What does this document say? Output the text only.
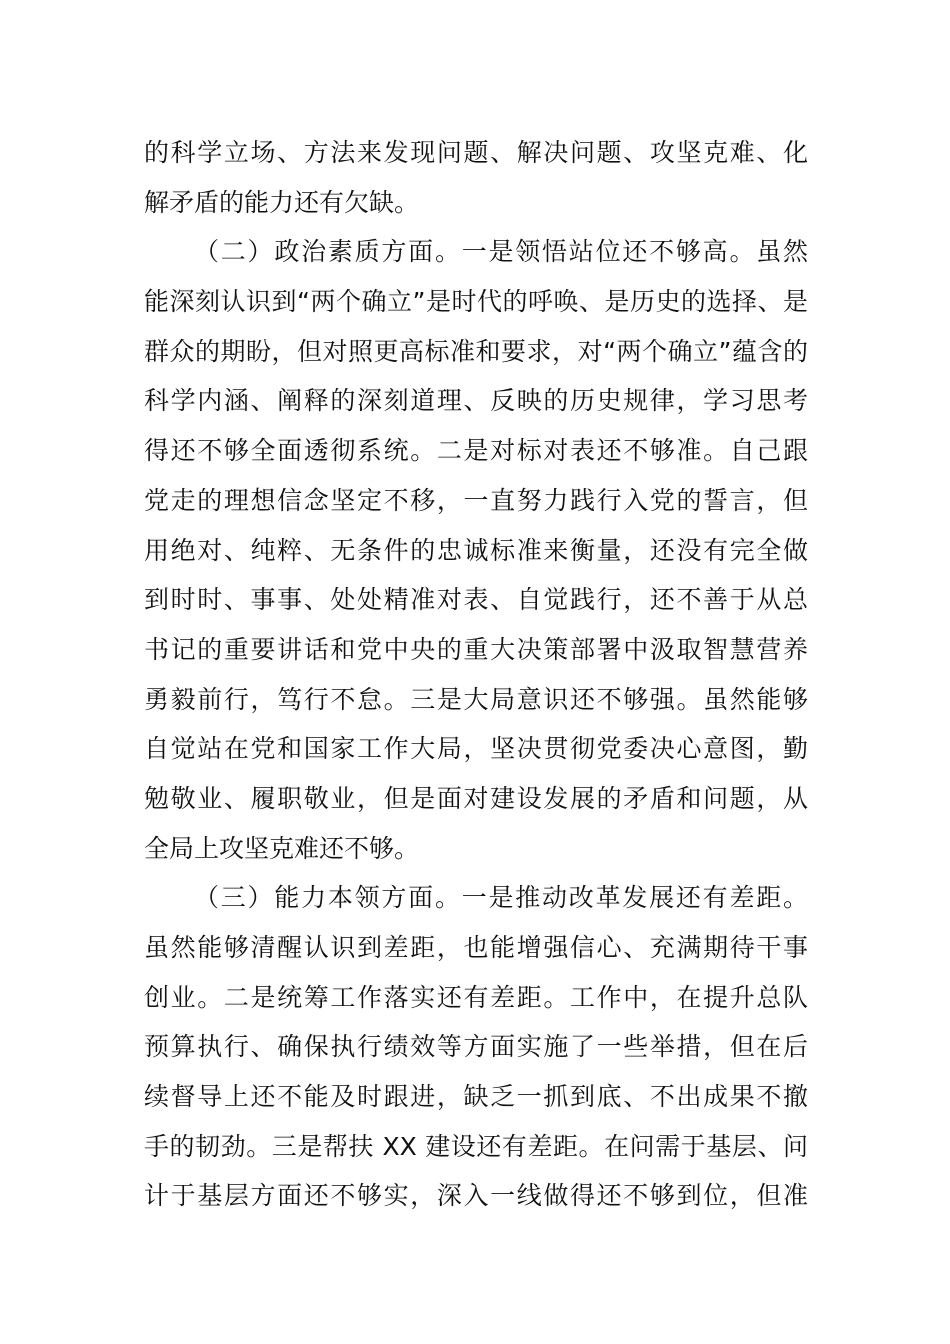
的科学立场、方法来发现问题、解决问题、攻坚克难、化
解矛盾的能力还有欠缺。
（二）政治素质方面。一是领悟站位还不够高。虽然
能深刻认识到“两个确立”是时代的呼唤、是历史的选择、是
群众的期盼，但对照更高标准和要求，对“两个确立”蕴含的
科学内涵、阐释的深刻道理、反映的历史规律，学习思考
得还不够全面透彻系统。二是对标对表还不够准。自己跟
党走的理想信念坚定不移，一直努力践行入党的誓言，但
用绝对、纯粹、无条件的忠诚标准来衡量，还没有完全做
到时时、事事、处处精准对表、自觉践行，还不善于从总
书记的重要讲话和党中央的重大决策部署中汲取智慧营养
勇毅前行，笃行不怠。三是大局意识还不够强。虽然能够
自觉站在党和国家工作大局，坚决贯彻党委决心意图，勤
勉敬业、履职敬业，但是面对建设发展的矛盾和问题，从
全局上攻坚克难还不够。
（三）能力本领方面。一是推动改革发展还有差距。
虽然能够清醒认识到差距，也能增强信心、充满期待干事
创业。二是统筹工作落实还有差距。工作中，在提升总队
预算执行、确保执行绩效等方面实施了一些举措，但在后
续督导上还不能及时跟进，缺乏一抓到底、不出成果不撤
手的韧劲。三是帮扶 XX 建设还有差距。在问需于基层、问
计于基层方面还不够实，深入一线做得还不够到位，但准
